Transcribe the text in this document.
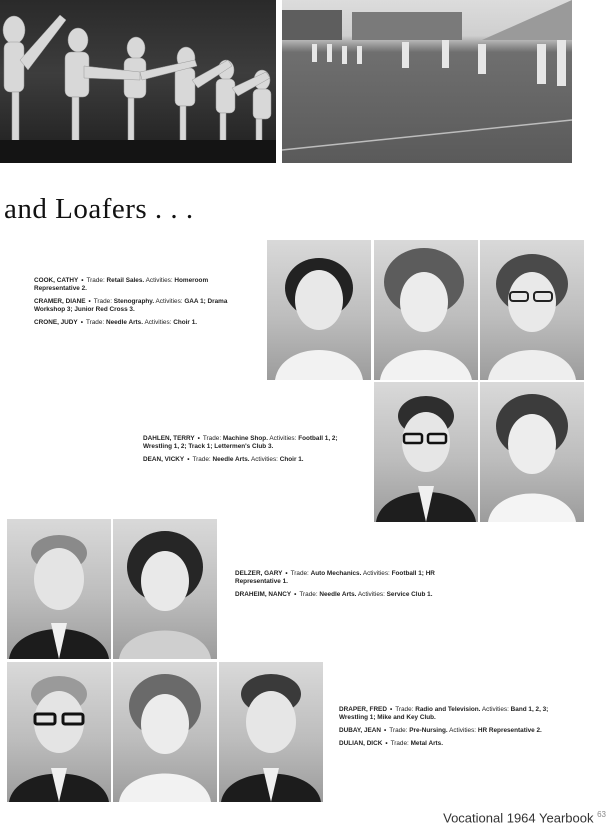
and Loafers . . .
COOK, CATHY • Trade: Retail Sales. Activities: Homeroom Representative 2.
CRAMER, DIANE • Trade: Stenography. Activities: GAA 1; Drama Workshop 3; Junior Red Cross 3.
CRONE, JUDY • Trade: Needle Arts. Activities: Choir 1.
DAHLEN, TERRY • Trade: Machine Shop. Activities: Football 1, 2; Wrestling 1, 2; Track 1; Lettermen's Club 3.
DEAN, VICKY • Trade: Needle Arts. Activities: Choir 1.
DELZER, GARY • Trade: Auto Mechanics. Activities: Football 1; HR Representative 1.
DRAHEIM, NANCY • Trade: Needle Arts. Activities: Service Club 1.
DRAPER, FRED • Trade: Radio and Television. Activities: Band 1, 2, 3; Wrestling 1; Mike and Key Club.
DUBAY, JEAN • Trade: Pre-Nursing. Activities: HR Representative 2.
DULIAN, DICK • Trade: Metal Arts.
Vocational 1964 Yearbook $^{63}$
